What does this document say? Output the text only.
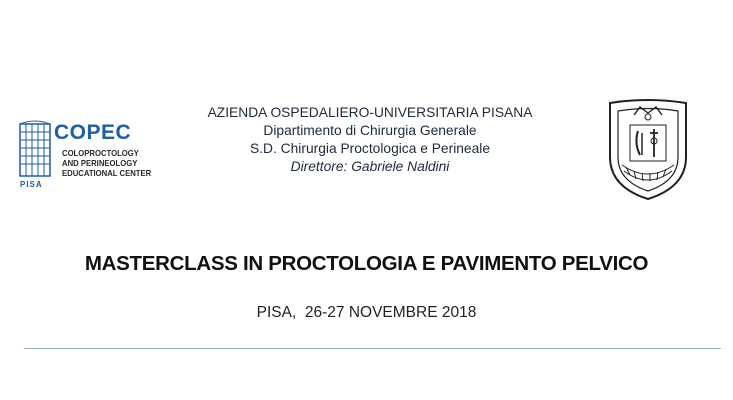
COPEC
COLOPROCTOLOGY
AND PERINEOLOGY
EDUCATIONAL CENTER
PISA
AZIENDA OSPEDALIERO-UNIVERSITARIA PISANA
Dipartimento di Chirurgia Generale
S.D. Chirurgia Proctologica e Perineale
Direttore: Gabriele Naldini
MASTERCLASS IN PROCTOLOGIA E PAVIMENTO PELVICO
PISA,  26-27 NOVEMBRE 2018
